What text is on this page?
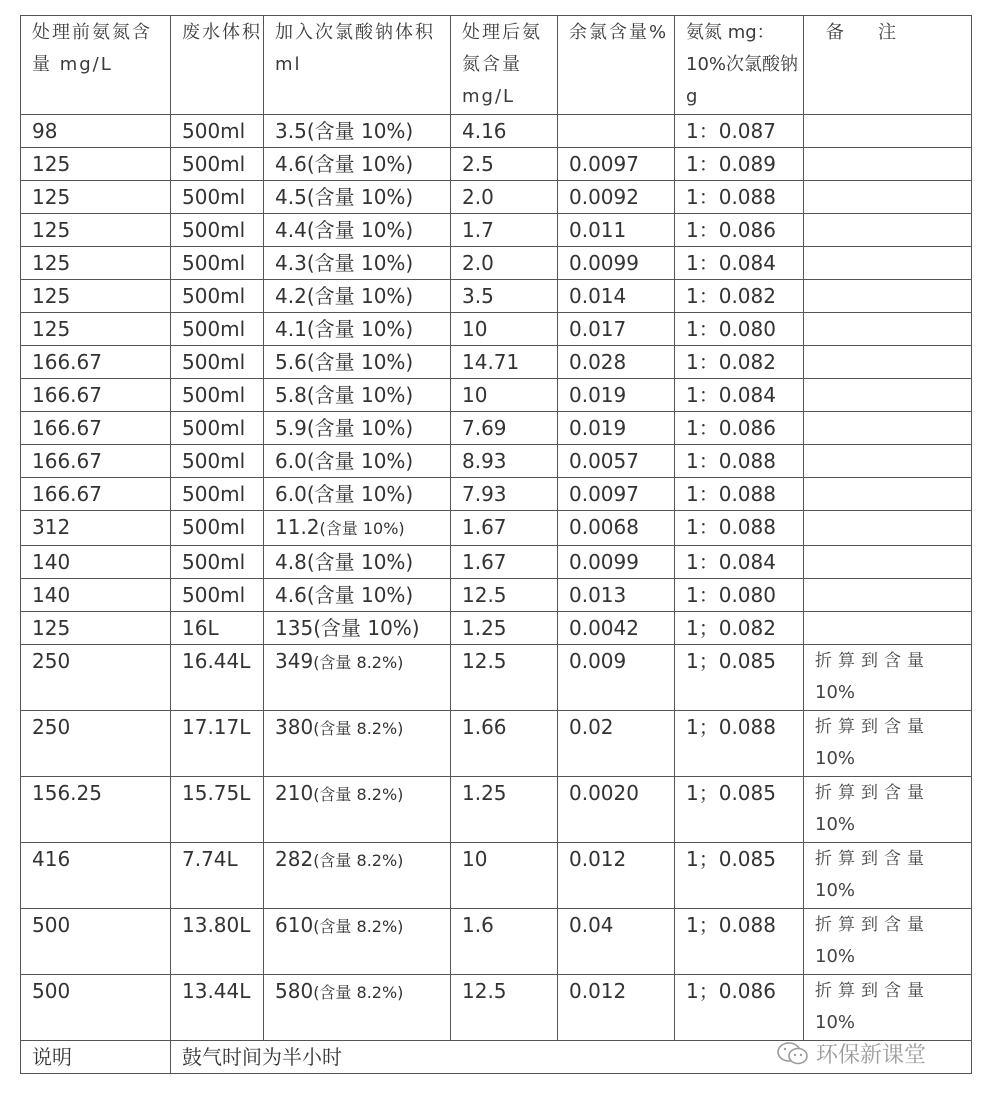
处理前氨氮含量 mg/L	废水体积	加入次氯酸钠体积 ml	处理后氨氮含量 mg/L	余氯含量%	氨氮 mg：10%次氯酸钠 g	备 注
98	500ml	3.5(含量 10%)	4.16		1：0.087	
125	500ml	4.6(含量 10%)	2.5	0.0097	1：0.089	
125	500ml	4.5(含量 10%)	2.0	0.0092	1：0.088	
125	500ml	4.4(含量 10%)	1.7	0.011	1：0.086	
125	500ml	4.3(含量 10%)	2.0	0.0099	1：0.084	
125	500ml	4.2(含量 10%)	3.5	0.014	1：0.082	
125	500ml	4.1(含量 10%)	10	0.017	1：0.080	
166.67	500ml	5.6(含量 10%)	14.71	0.028	1：0.082	
166.67	500ml	5.8(含量 10%)	10	0.019	1：0.084	
166.67	500ml	5.9(含量 10%)	7.69	0.019	1：0.086	
166.67	500ml	6.0(含量 10%)	8.93	0.0057	1：0.088	
166.67	500ml	6.0(含量 10%)	7.93	0.0097	1：0.088	
312	500ml	11.2(含量 10%)	1.67	0.0068	1：0.088	
140	500ml	4.8(含量 10%)	1.67	0.0099	1：0.084	
140	500ml	4.6(含量 10%)	12.5	0.013	1：0.080	
125	16L	135(含量 10%)	1.25	0.0042	1；0.082	
250	16.44L	349(含量 8.2%)	12.5	0.009	1；0.085	折算到含量
10%

250	17.17L	380(含量 8.2%)	1.66	0.02	1；0.088	折算到含量
10%

156.25	15.75L	210(含量 8.2%)	1.25	0.0020	1；0.085	折算到含量
10%

416	7.74L	282(含量 8.2%)	10	0.012	1；0.085	折算到含量
10%

500	13.80L	610(含量 8.2%)	1.6	0.04	1；0.088	折算到含量
10%

500	13.44L	580(含量 8.2%)	12.5	0.012	1；0.086	折算到含量
10%

说明	鼓气时间为半小时						环保新课堂
